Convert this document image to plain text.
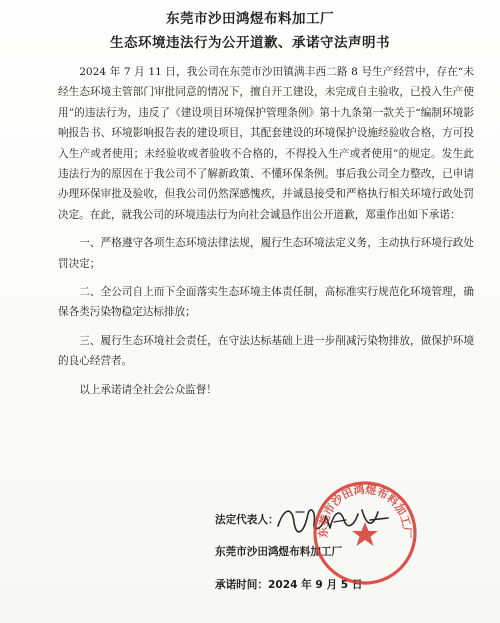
东莞市沙田鸿煜布料加工厂
生态环境违法行为公开道歉、承诺守法声明书

2024 年 7 月 11 日，我公司在东莞市沙田镇满丰西二路 8 号生产经营中，存在“未经生态环境主管部门审批同意的情况下，擅自开工建设，未完成自主验收，已投入生产使用”的违法行为，违反了《建设项目环境保护管理条例》第十九条第一款关于“编制环境影响报告书、环境影响报告表的建设项目，其配套建设的环境保护设施经验收合格，方可投入生产或者使用；未经验收或者验收不合格的，不得投入生产或者使用”的规定。发生此违法行为的原因在于我公司不了解新政策、不懂环保条例。事后我公司全力整改，已申请办理环保审批及验收，但我公司仍然深感愧疚，并诚恳接受和严格执行相关环境行政处罚决定。在此，就我公司的环境违法行为向社会诚恳作出公开道歉，郑重作出如下承诺：

一、严格遵守各项生态环境法律法规，履行生态环境法定义务，主动执行环境行政处罚决定；

二、全公司自上而下全面落实生态环境主体责任制，高标准实行规范化环境管理，确保各类污染物稳定达标排放；

三、履行生态环境社会责任，在守法达标基础上进一步削减污染物排放，做保护环境的良心经营者。

以上承诺请全社会公众监督！

法定代表人：
东莞市沙田鸿煜布料加工厂
承诺时间：2024 年 9 月 5 日
东莞市沙田鸿煜布料加工厂
